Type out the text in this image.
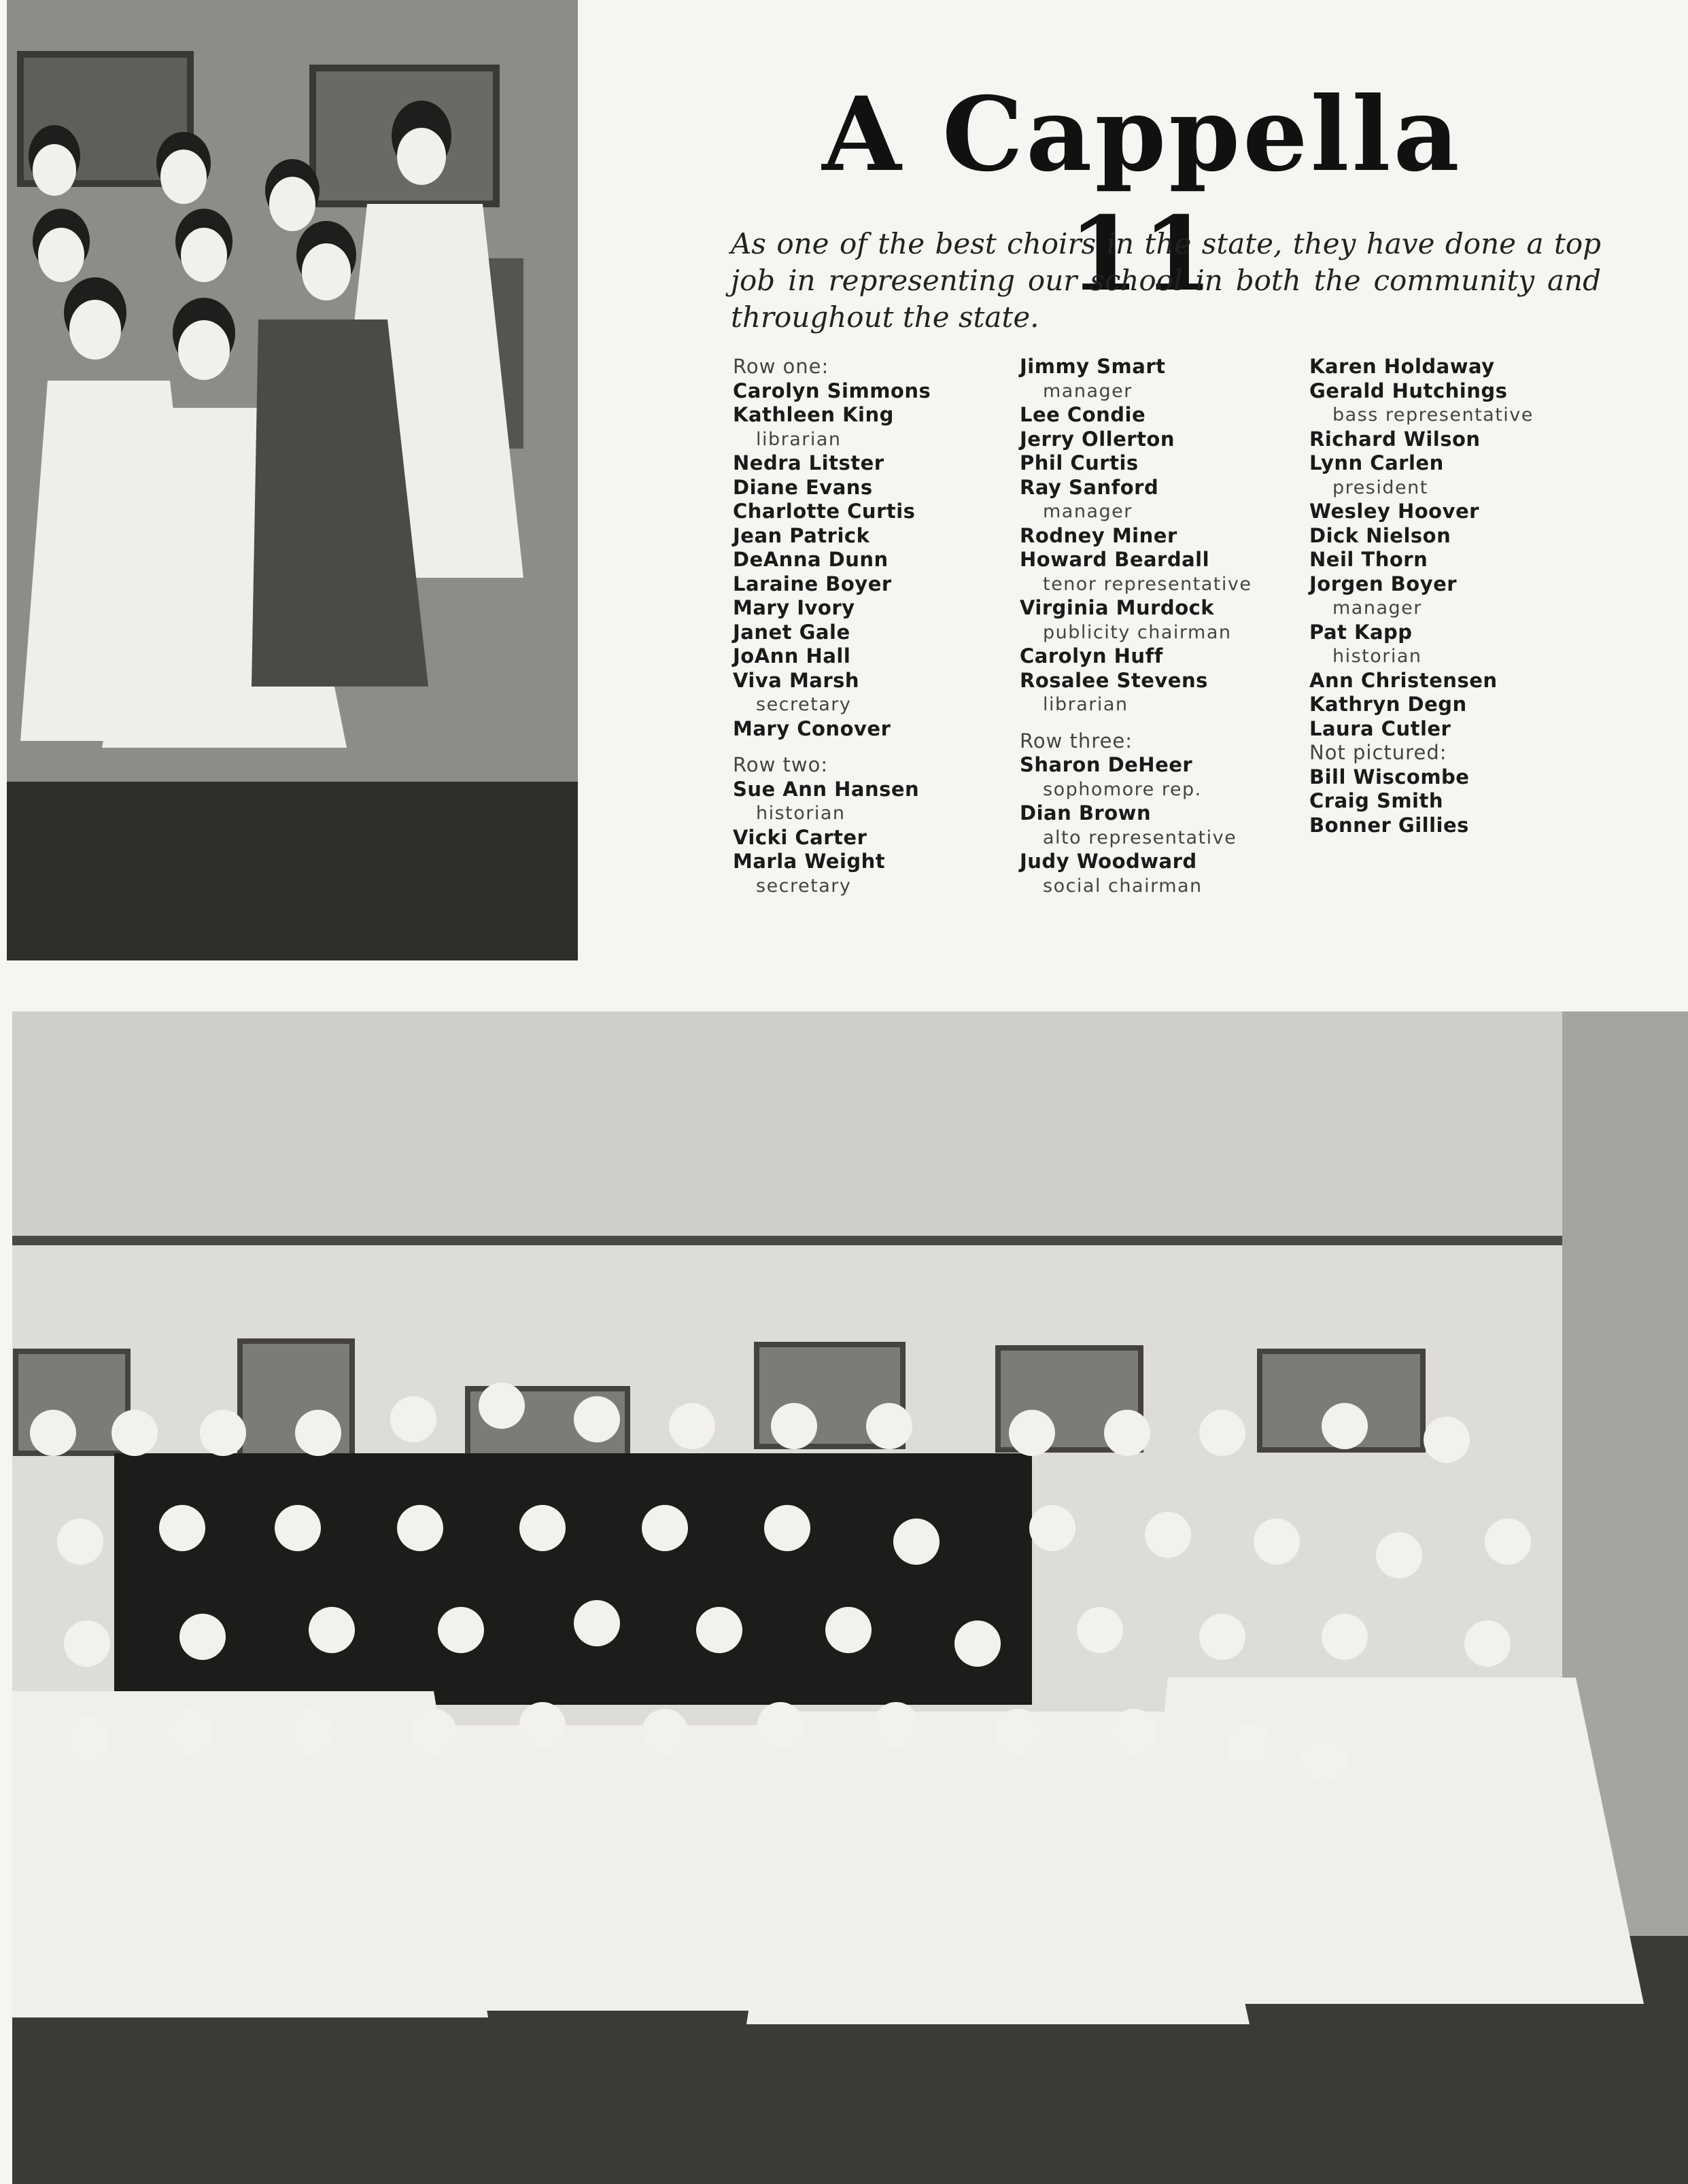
A Cappella 11
As one of the best choirs in the state, they have done a top job in representing our school in both the community and throughout the state.
Row one:
Carolyn Simmons
Kathleen King
librarian
Nedra Litster
Diane Evans
Charlotte Curtis
Jean Patrick
DeAnna Dunn
Laraine Boyer
Mary Ivory
Janet Gale
JoAnn Hall
Viva Marsh
secretary
Mary Conover
Row two:
Sue Ann Hansen
historian
Vicki Carter
Marla Weight
secretary
Jimmy Smart
manager
Lee Condie
Jerry Ollerton
Phil Curtis
Ray Sanford
manager
Rodney Miner
Howard Beardall
tenor representative
Virginia Murdock
publicity chairman
Carolyn Huff
Rosalee Stevens
librarian
Row three:
Sharon DeHeer
sophomore rep.
Dian Brown
alto representative
Judy Woodward
social chairman
Karen Holdaway
Gerald Hutchings
bass representative
Richard Wilson
Lynn Carlen
president
Wesley Hoover
Dick Nielson
Neil Thorn
Jorgen Boyer
manager
Pat Kapp
historian
Ann Christensen
Kathryn Degn
Laura Cutler
Not pictured:
Bill Wiscombe
Craig Smith
Bonner Gillies
